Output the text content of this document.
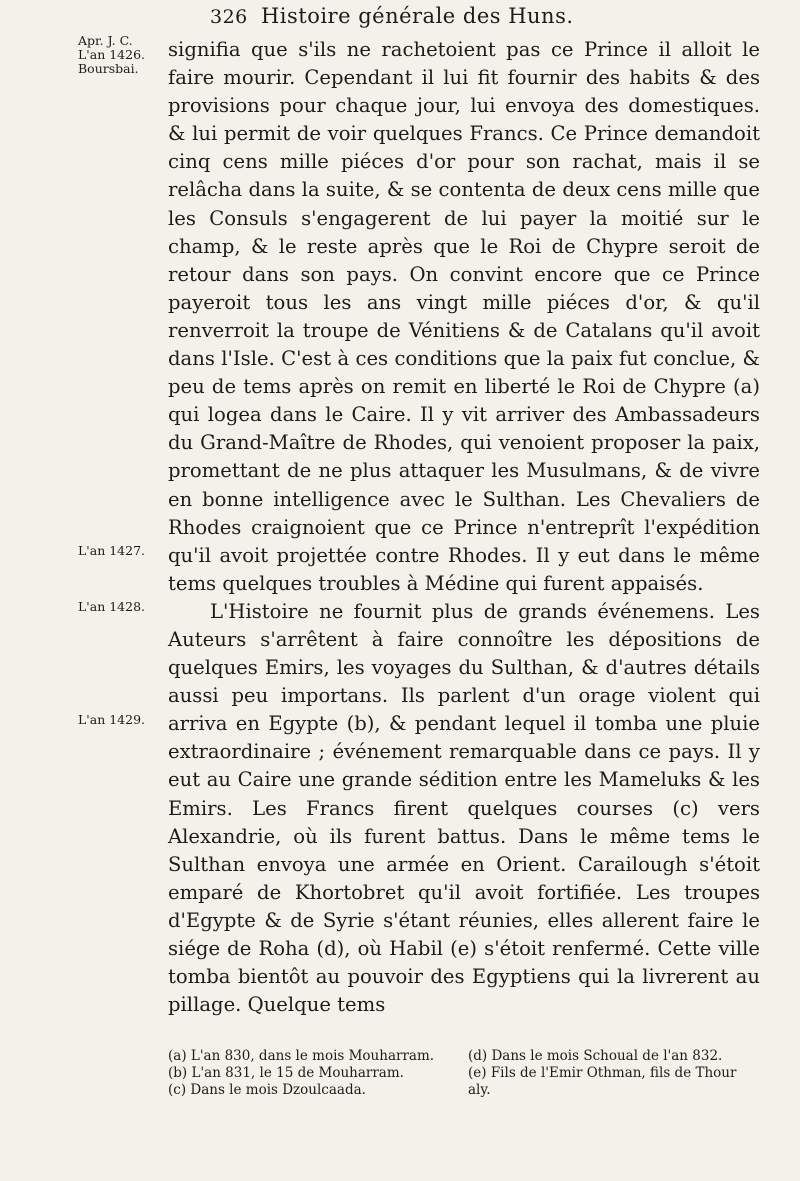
326 Histoire générale des Huns.
Apr. J. C.
L'an 1426.
Boursbai.
L'an 1427.
L'an 1428.
L'an 1429.

signifia que s'ils ne rachetoient pas ce Prince il alloit le faire mourir. Cependant il lui fit fournir des habits & des provisions pour chaque jour, lui envoya des domestiques. & lui permit de voir quelques Francs. Ce Prince demandoit cinq cens mille piéces d'or pour son rachat, mais il se relâcha dans la suite, & se contenta de deux cens mille que les Consuls s'engagerent de lui payer la moitié sur le champ, & le reste après que le Roi de Chypre seroit de retour dans son pays. On convint encore que ce Prince payeroit tous les ans vingt mille piéces d'or, & qu'il renverroit la troupe de Vénitiens & de Catalans qu'il avoit dans l'Isle. C'est à ces conditions que la paix fut conclue, & peu de tems après on remit en liberté le Roi de Chypre (a) qui logea dans le Caire. Il y vit arriver des Ambassadeurs du Grand-Maître de Rhodes, qui venoient proposer la paix, promettant de ne plus attaquer les Musulmans, & de vivre en bonne intelligence avec le Sulthan. Les Chevaliers de Rhodes craignoient que ce Prince n'entreprît l'expédition qu'il avoit projettée contre Rhodes. Il y eut dans le même tems quelques troubles à Médine qui furent appaisés.

L'Histoire ne fournit plus de grands événemens. Les Auteurs s'arrêtent à faire connoître les dépositions de quelques Emirs, les voyages du Sulthan, & d'autres détails aussi peu importans. Ils parlent d'un orage violent qui arriva en Egypte (b), & pendant lequel il tomba une pluie extraordinaire ; événement remarquable dans ce pays. Il y eut au Caire une grande sédition entre les Mameluks & les Emirs. Les Francs firent quelques courses (c) vers Alexandrie, où ils furent battus. Dans le même tems le Sulthan envoya une armée en Orient. Carailough s'étoit emparé de Khortobret qu'il avoit fortifiée. Les troupes d'Egypte & de Syrie s'étant réunies, elles allerent faire le siége de Roha (d), où Habil (e) s'étoit renfermé. Cette ville tomba bientôt au pouvoir des Egyptiens qui la livrerent au pillage. Quelque tems

(a) L'an 830, dans le mois Mouharram.
(b) L'an 831, le 15 de Mouharram.
(c) Dans le mois Dzoulcaada.
(d) Dans le mois Schoual de l'an 832.
(e) Fils de l'Emir Othman, fils de Thour aly.
